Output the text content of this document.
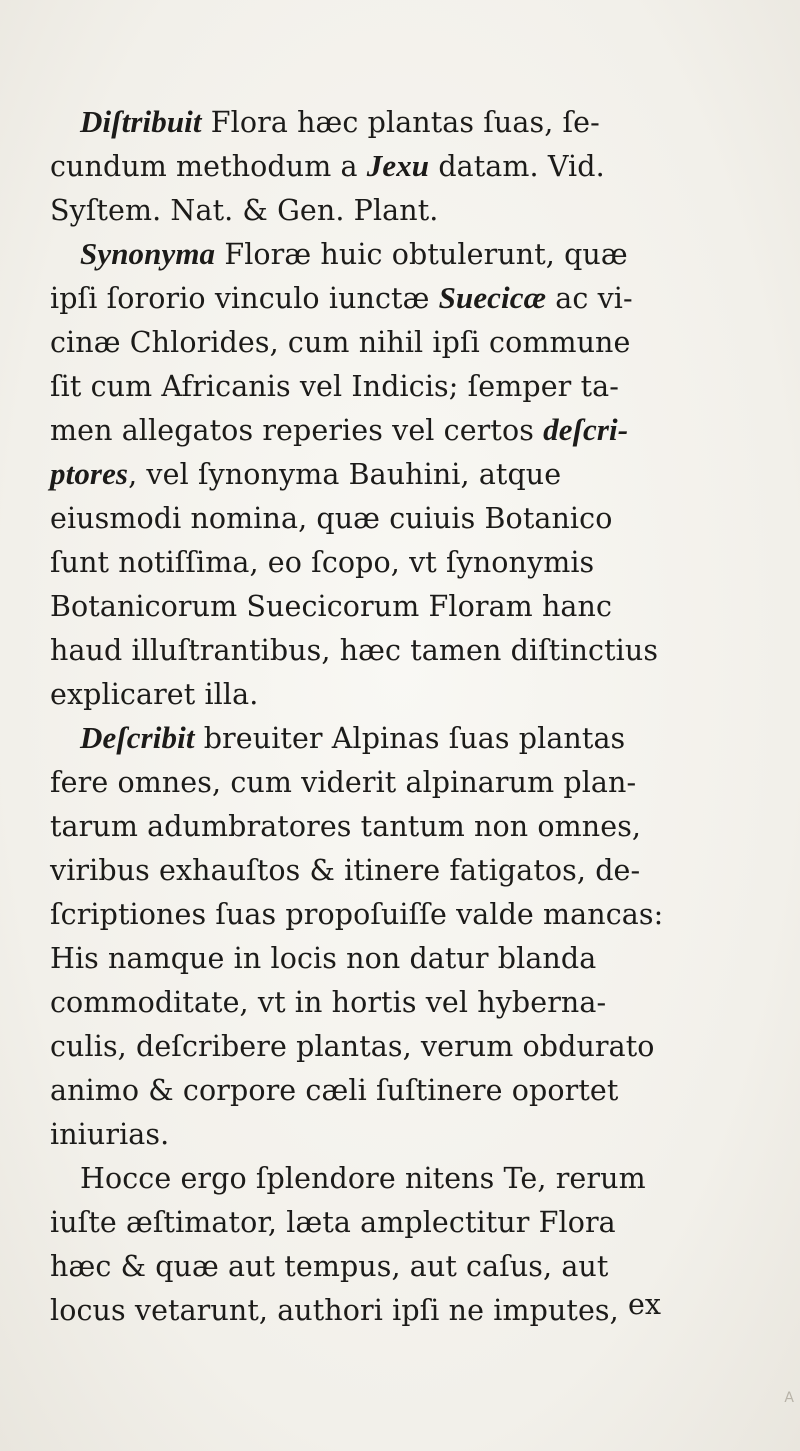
Diſtribuit Flora hæc plantas ſuas, ſe-
cundum methodum a Jexu datam. Vid.
Syſtem. Nat. & Gen. Plant.
Synonyma Floræ huic obtulerunt, quæ
ipſi ſororio vinculo iunctæ Suecicæ ac vi-
cinæ Chlorides, cum nihil ipſi commune
ſit cum Africanis vel Indicis; ſemper ta-
men allegatos reperies vel certos deſcri-
ptores, vel ſynonyma Bauhini, atque
eiusmodi nomina, quæ cuiuis Botanico
ſunt notiſſima, eo ſcopo, vt ſynonymis
Botanicorum Suecicorum Floram hanc
haud illuſtrantibus, hæc tamen diſtinctius
explicaret illa.
Deſcribit breuiter Alpinas ſuas plantas
fere omnes, cum viderit alpinarum plan-
tarum adumbratores tantum non omnes,
viribus exhauſtos & itinere fatigatos, de-
ſcriptiones ſuas propoſuiſſe valde mancas:
His namque in locis non datur blanda
commoditate, vt in hortis vel hyberna-
culis, deſcribere plantas, verum obdurato
animo & corpore cæli ſuſtinere oportet
iniurias.
Hocce ergo ſplendore nitens Te, rerum
iuſte æſtimator, læta amplectitur Flora
hæc & quæ aut tempus, aut caſus, aut
locus vetarunt, authori ipſi ne imputes, ex
A
